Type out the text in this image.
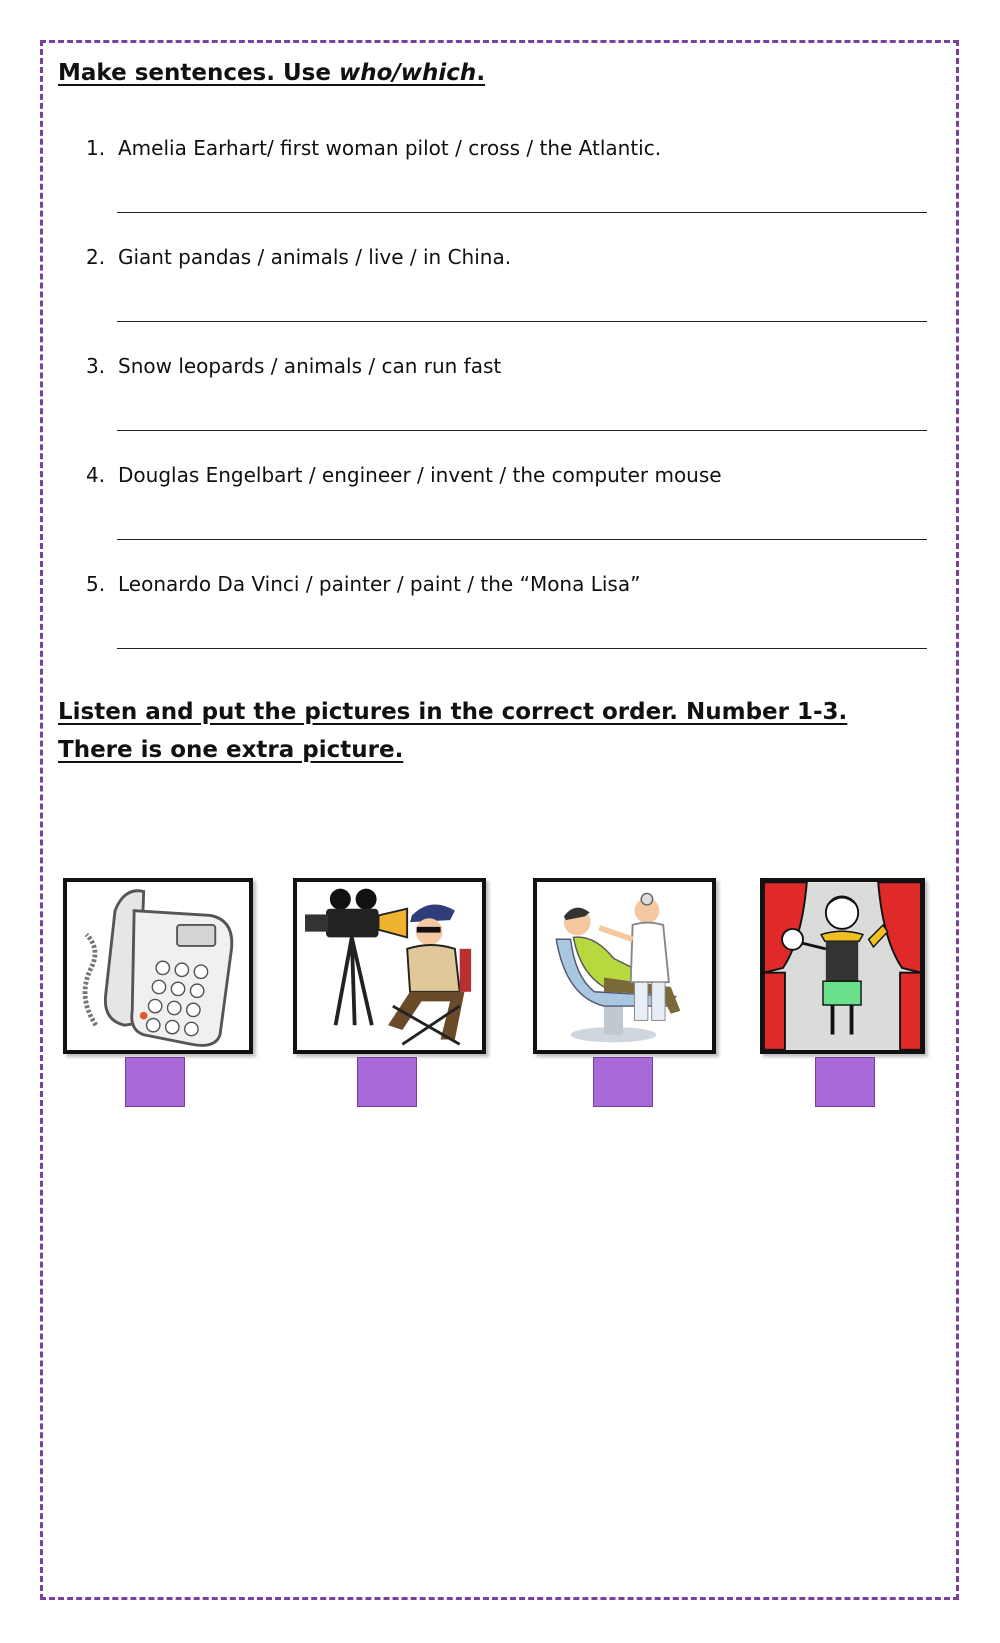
Make sentences. Use who/which.
1. Amelia Earhart/ first woman pilot / cross / the Atlantic.
2. Giant pandas / animals / live / in China.
3. Snow leopards / animals / can run fast
4. Douglas Engelbart / engineer / invent / the computer mouse
5. Leonardo Da Vinci / painter / paint / the “Mona Lisa”
Listen and put the pictures in the correct order. Number 1-3. There is one extra picture.
